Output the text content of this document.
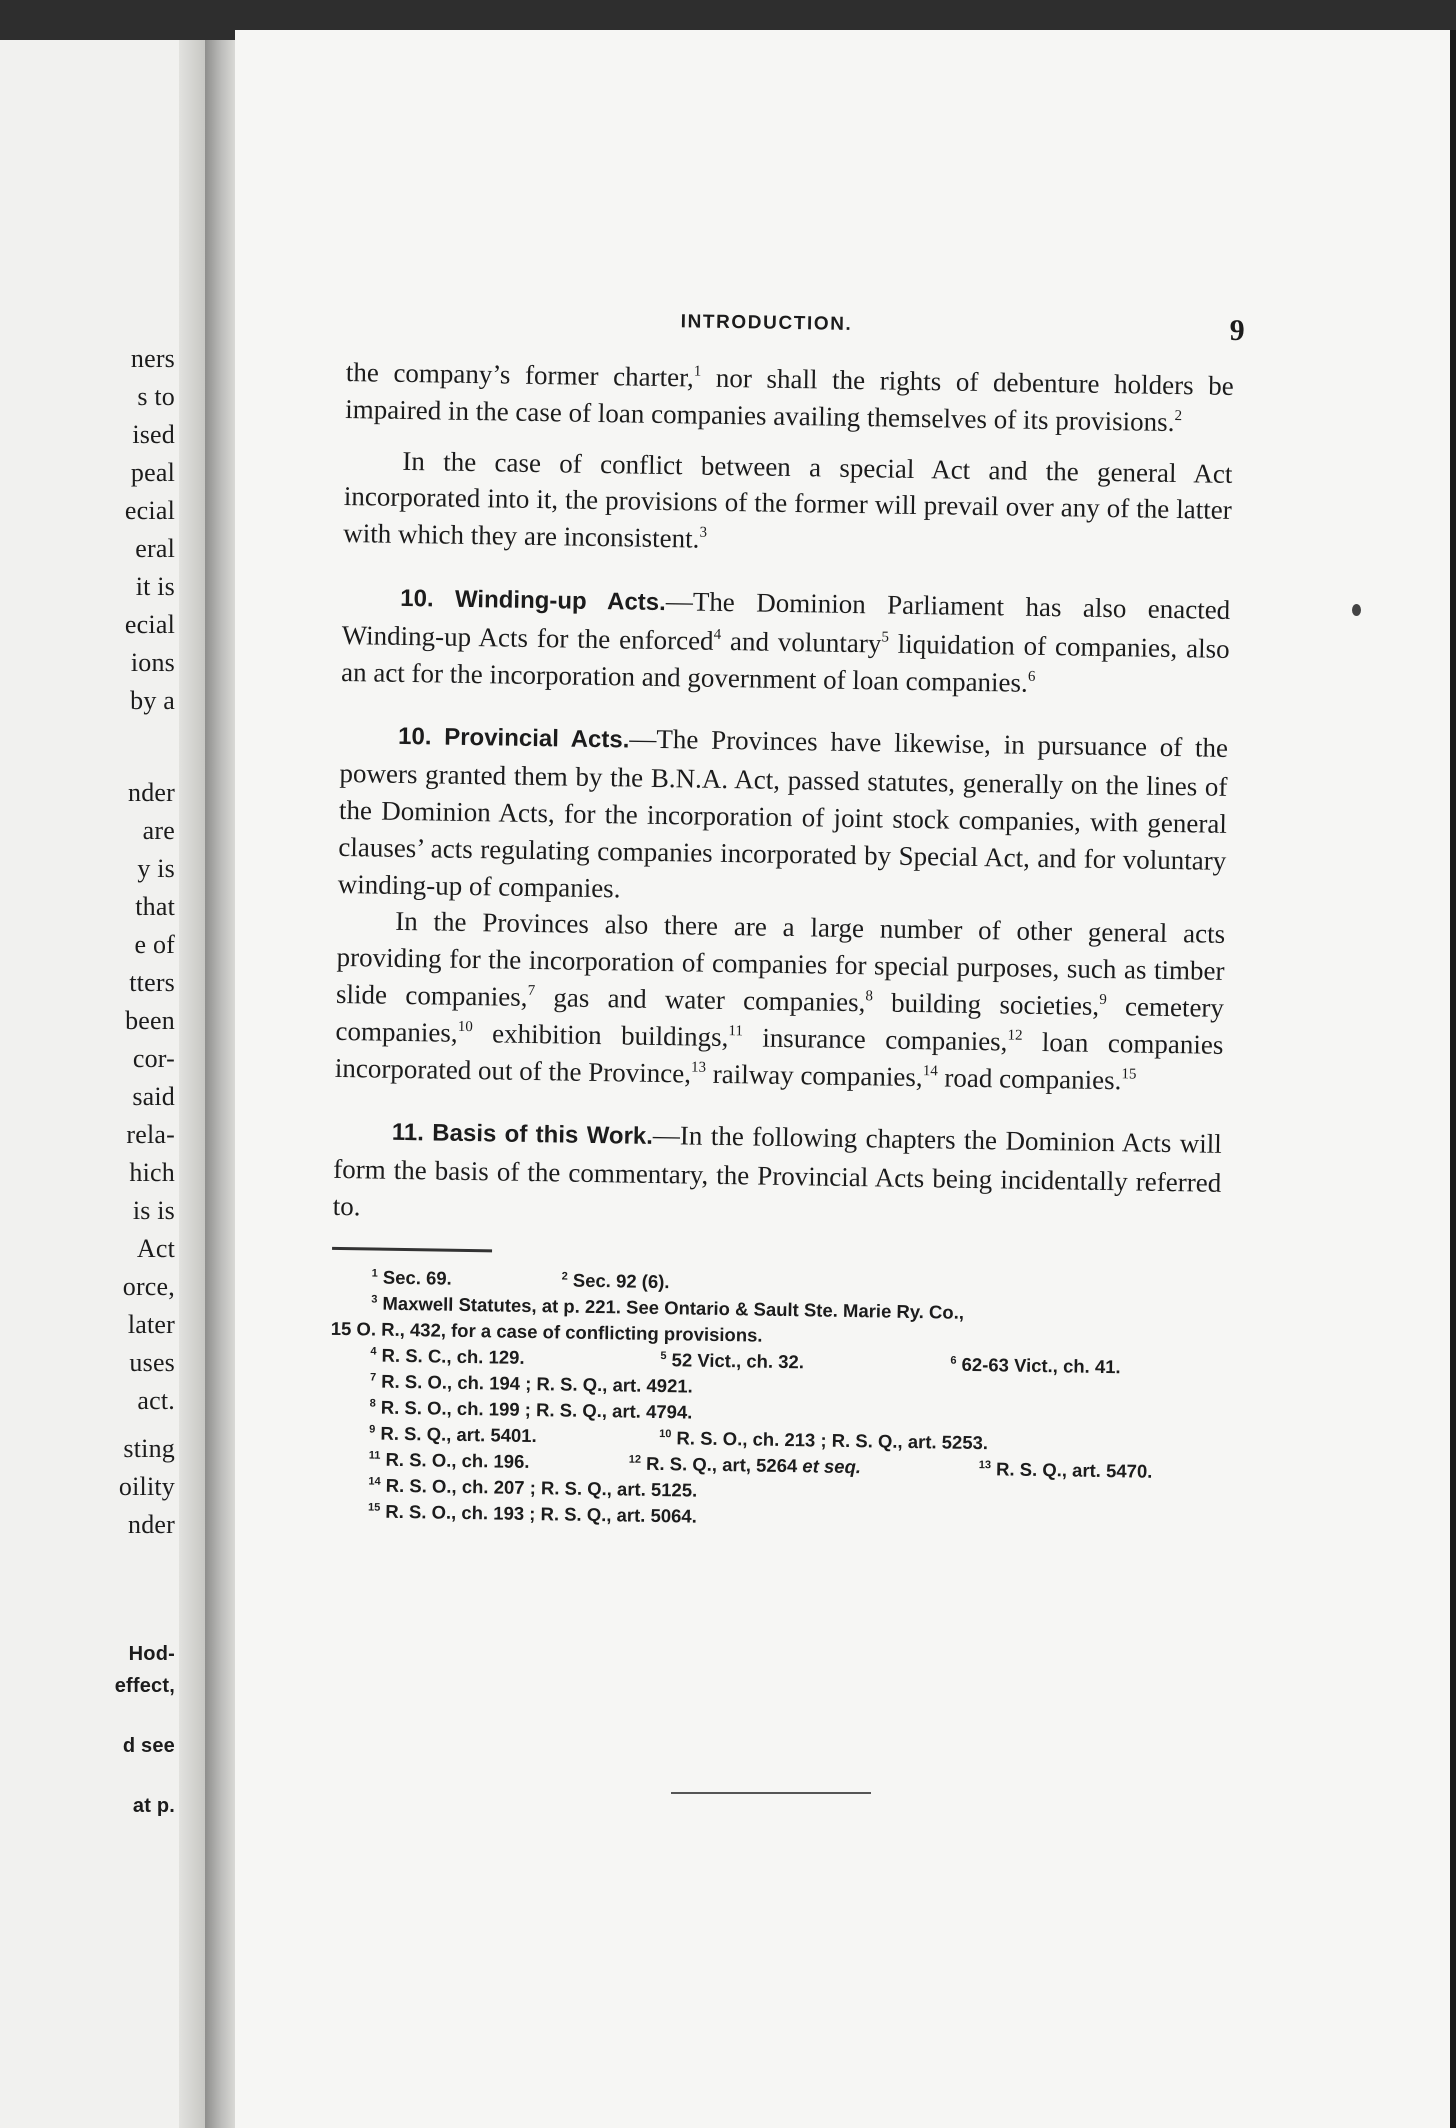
ners
s to
ised
peal
ecial
eral
it is
ecial
ions
by a
nder
are
y is
that
e of
tters
been
cor-
said
rela-
hich
is is
Act
orce,
later
uses
act.
sting
oility
nder
Hod-
effect,
d see
at p.
INTRODUCTION.	9

the company’s former charter,$^1$ nor shall the rights of debenture holders be impaired in the case of loan companies availing themselves of its provisions.$^2$

In the case of conflict between a special Act and the general Act incorporated into it, the provisions of the former will prevail over any of the latter with which they are inconsistent.$^3$

10. Winding-up Acts.—The Dominion Parliament has also enacted Winding-up Acts for the enforced$^4$ and voluntary$^5$ liquidation of companies, also an act for the incorporation and government of loan companies.$^6$

10. Provincial Acts.—The Provinces have likewise, in pursuance of the powers granted them by the B.N.A. Act, passed statutes, generally on the lines of the Dominion Acts, for the incorporation of joint stock companies, with general clauses’ acts regulating companies incorporated by Special Act, and for voluntary winding-up of companies.

In the Provinces also there are a large number of other general acts providing for the incorporation of companies for special purposes, such as timber slide companies,$^7$ gas and water companies,$^8$ building societies,$^9$ cemetery companies,$^{10}$ exhibition buildings,$^{11}$ insurance companies,$^{12}$ loan companies incorporated out of the Province,$^{13}$ railway companies,$^{14}$ road companies.$^{15}$

11. Basis of this Work.—In the following chapters the Dominion Acts will form the basis of the commentary, the Provincial Acts being incidentally referred to.

$^1$ Sec. 69.	$^2$ Sec. 92 (6).
$^3$ Maxwell Statutes, at p. 221. See Ontario & Sault Ste. Marie Ry. Co.,
15 O. R., 432, for a case of conflicting provisions.
$^4$ R. S. C., ch. 129.	$^5$ 52 Vict., ch. 32.	$^6$ 62-63 Vict., ch. 41.
$^7$ R. S. O., ch. 194 ; R. S. Q., art. 4921.
$^8$ R. S. O., ch. 199 ; R. S. Q., art. 4794.
$^9$ R. S. Q., art. 5401.	$^{10}$ R. S. O., ch. 213 ; R. S. Q., art. 5253.
$^{11}$ R. S. O., ch. 196.	$^{12}$ R. S. Q., art, 5264 et seq.	$^{13}$ R. S. Q., art. 5470.
$^{14}$ R. S. O., ch. 207 ; R. S. Q., art. 5125.
$^{15}$ R. S. O., ch. 193 ; R. S. Q., art. 5064.
